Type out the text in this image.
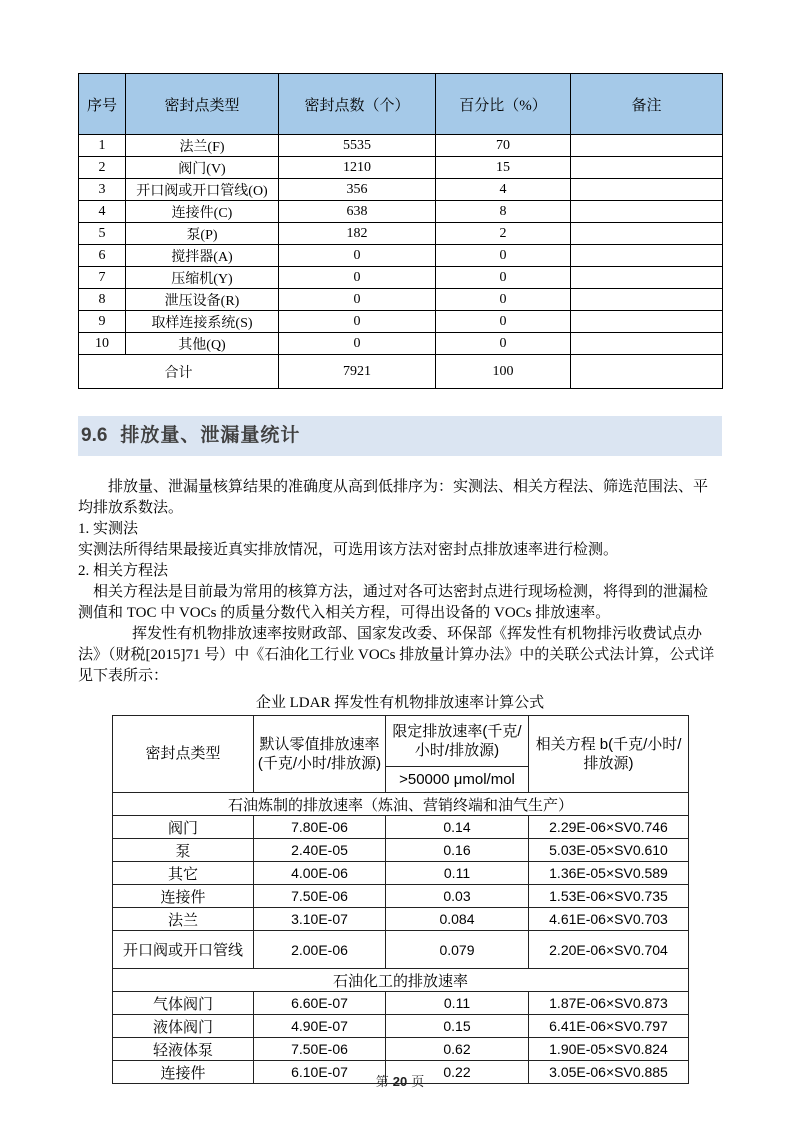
序号	密封点类型	密封点数（个）	百分比（%）	备注
1	法兰(F)	5535	70	
2	阀门(V)	1210	15	
3	开口阀或开口管线(O)	356	4	
4	连接件(C)	638	8	
5	泵(P)	182	2	
6	搅拌器(A)	0	0	
7	压缩机(Y)	0	0	
8	泄压设备(R)	0	0	
9	取样连接系统(S)	0	0	
10	其他(Q)	0	0	
合计		7921	100	
9.6 排放量、泄漏量统计

排放量、泄漏量核算结果的准确度从高到低排序为：实测法、相关方程法、筛选范围法、平均排放系数法。

1. 实测法

实测法所得结果最接近真实排放情况，可选用该方法对密封点排放速率进行检测。

2. 相关方程法

相关方程法是目前最为常用的核算方法，通过对各可达密封点进行现场检测，将得到的泄漏检测值和 TOC 中 VOCs 的质量分数代入相关方程，可得出设备的 VOCs 排放速率。

挥发性有机物排放速率按财政部、国家发改委、环保部《挥发性有机物排污收费试点办法》（财税[2015]71 号）中《石油化工行业 VOCs 排放量计算办法》中的关联公式法计算，公式详见下表所示：

企业 LDAR 挥发性有机物排放速率计算公式
密封点类型	默认零值排放速率 (千克/小时/排放源)	限定排放速率(千克/小时/排放源)	相关方程 b(千克/小时/排放源)
		>50000 μmol/mol	
石油炼制的排放速率（炼油、营销终端和油气生产）			
阀门	7.80E-06	0.14	2.29E-06×SV0.746
泵	2.40E-05	0.16	5.03E-05×SV0.610
其它	4.00E-06	0.11	1.36E-05×SV0.589
连接件	7.50E-06	0.03	1.53E-06×SV0.735
法兰	3.10E-07	0.084	4.61E-06×SV0.703
开口阀或开口管线	2.00E-06	0.079	2.20E-06×SV0.704
石油化工的排放速率			
气体阀门	6.60E-07	0.11	1.87E-06×SV0.873
液体阀门	4.90E-07	0.15	6.41E-06×SV0.797
轻液体泵	7.50E-06	0.62	1.90E-05×SV0.824
连接件	6.10E-07	0.22	3.05E-06×SV0.885
第 20 页
